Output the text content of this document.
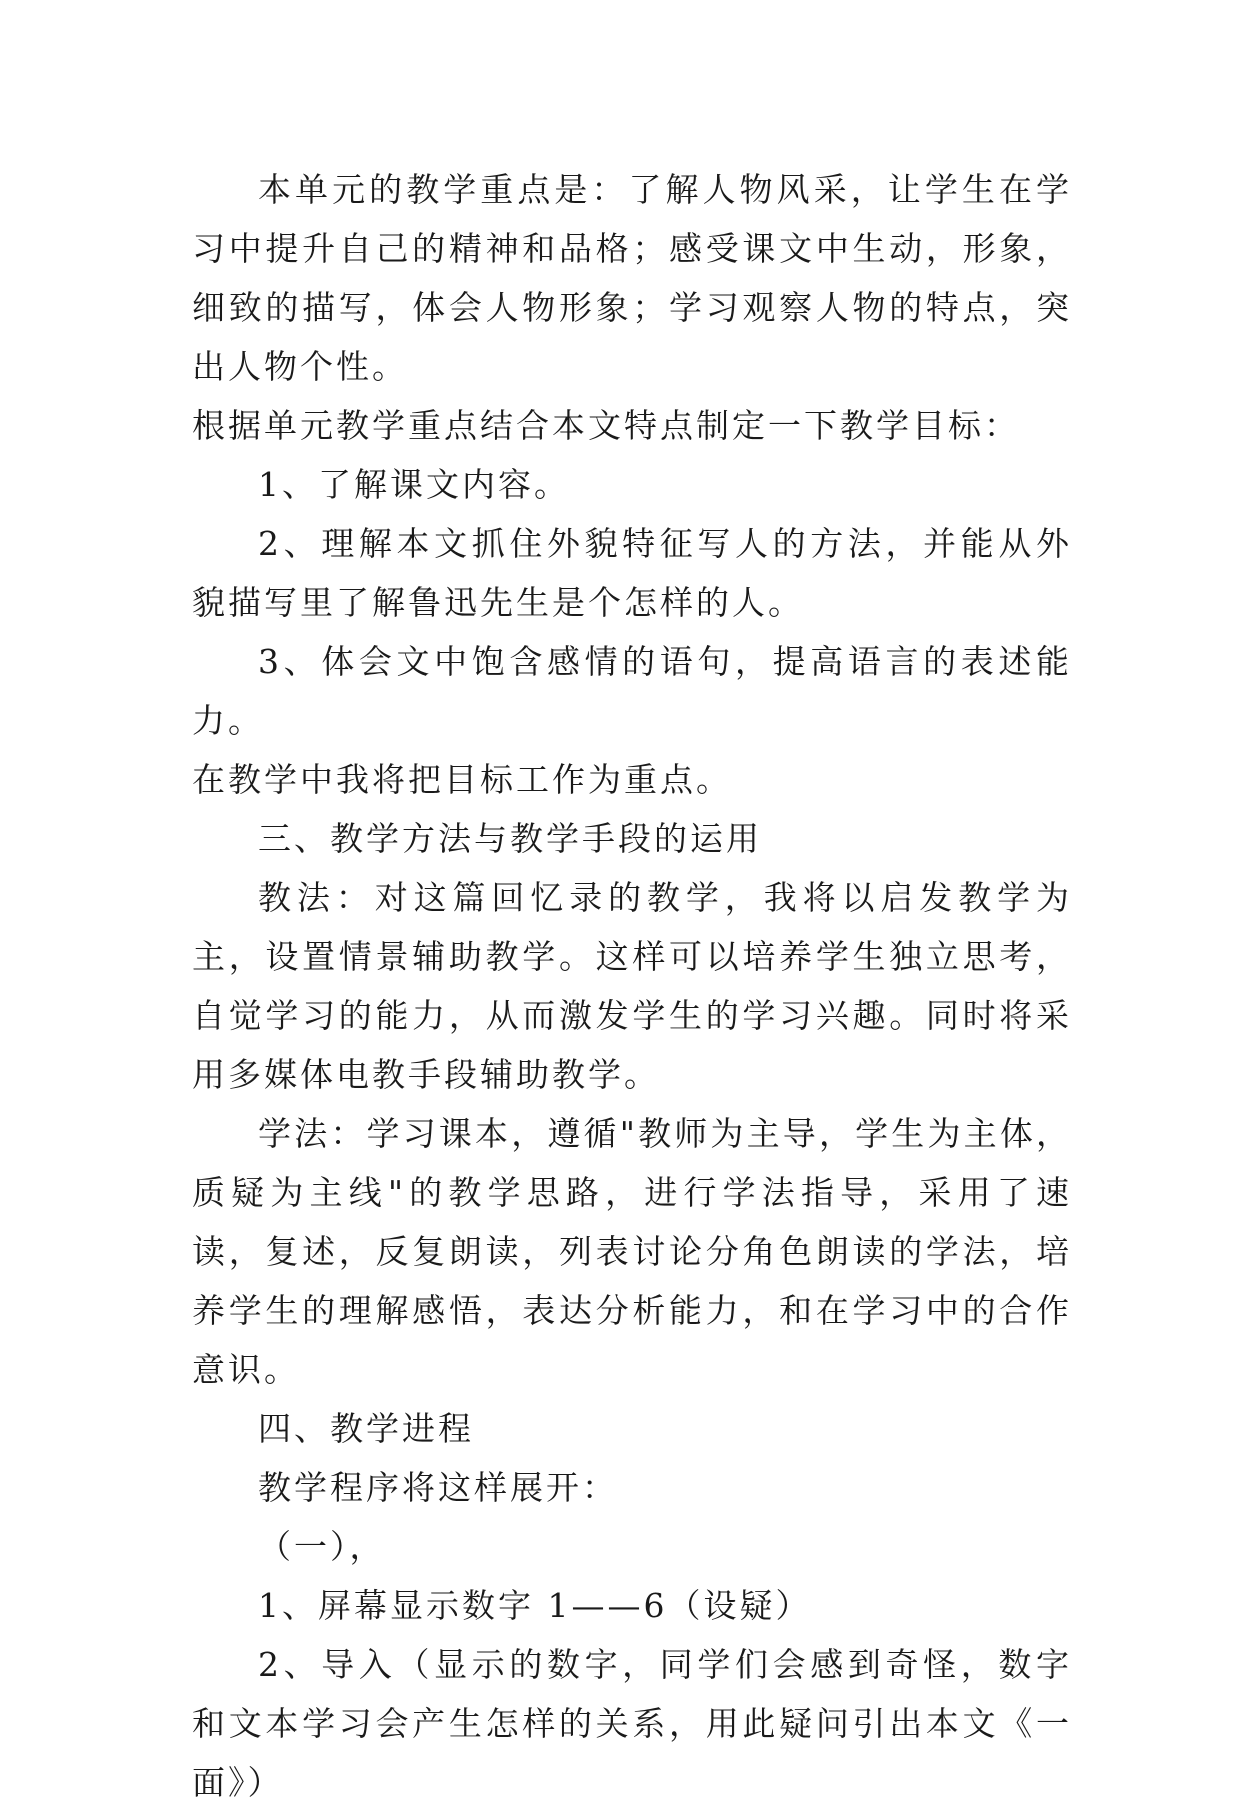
本单元的教学重点是：了解人物风采，让学生在学习中提升自己的精神和品格；感受课文中生动，形象，细致的描写，体会人物形象；学习观察人物的特点，突出人物个性。

根据单元教学重点结合本文特点制定一下教学目标：

1、了解课文内容。

2、理解本文抓住外貌特征写人的方法，并能从外貌描写里了解鲁迅先生是个怎样的人。

3、体会文中饱含感情的语句，提高语言的表述能力。

在教学中我将把目标工作为重点。

三、教学方法与教学手段的运用

教法：对这篇回忆录的教学，我将以启发教学为主，设置情景辅助教学。这样可以培养学生独立思考，自觉学习的能力，从而激发学生的学习兴趣。同时将采用多媒体电教手段辅助教学。

学法：学习课本，遵循"教师为主导，学生为主体，质疑为主线"的教学思路，进行学法指导，采用了速读，复述，反复朗读，列表讨论分角色朗读的学法，培养学生的理解感悟，表达分析能力，和在学习中的合作意识。

四、教学进程

教学程序将这样展开：

（一），

1、屏幕显示数字 1——6（设疑）

2、导入（显示的数字，同学们会感到奇怪，数字和文本学习会产生怎样的关系，用此疑问引出本文《一面》）
